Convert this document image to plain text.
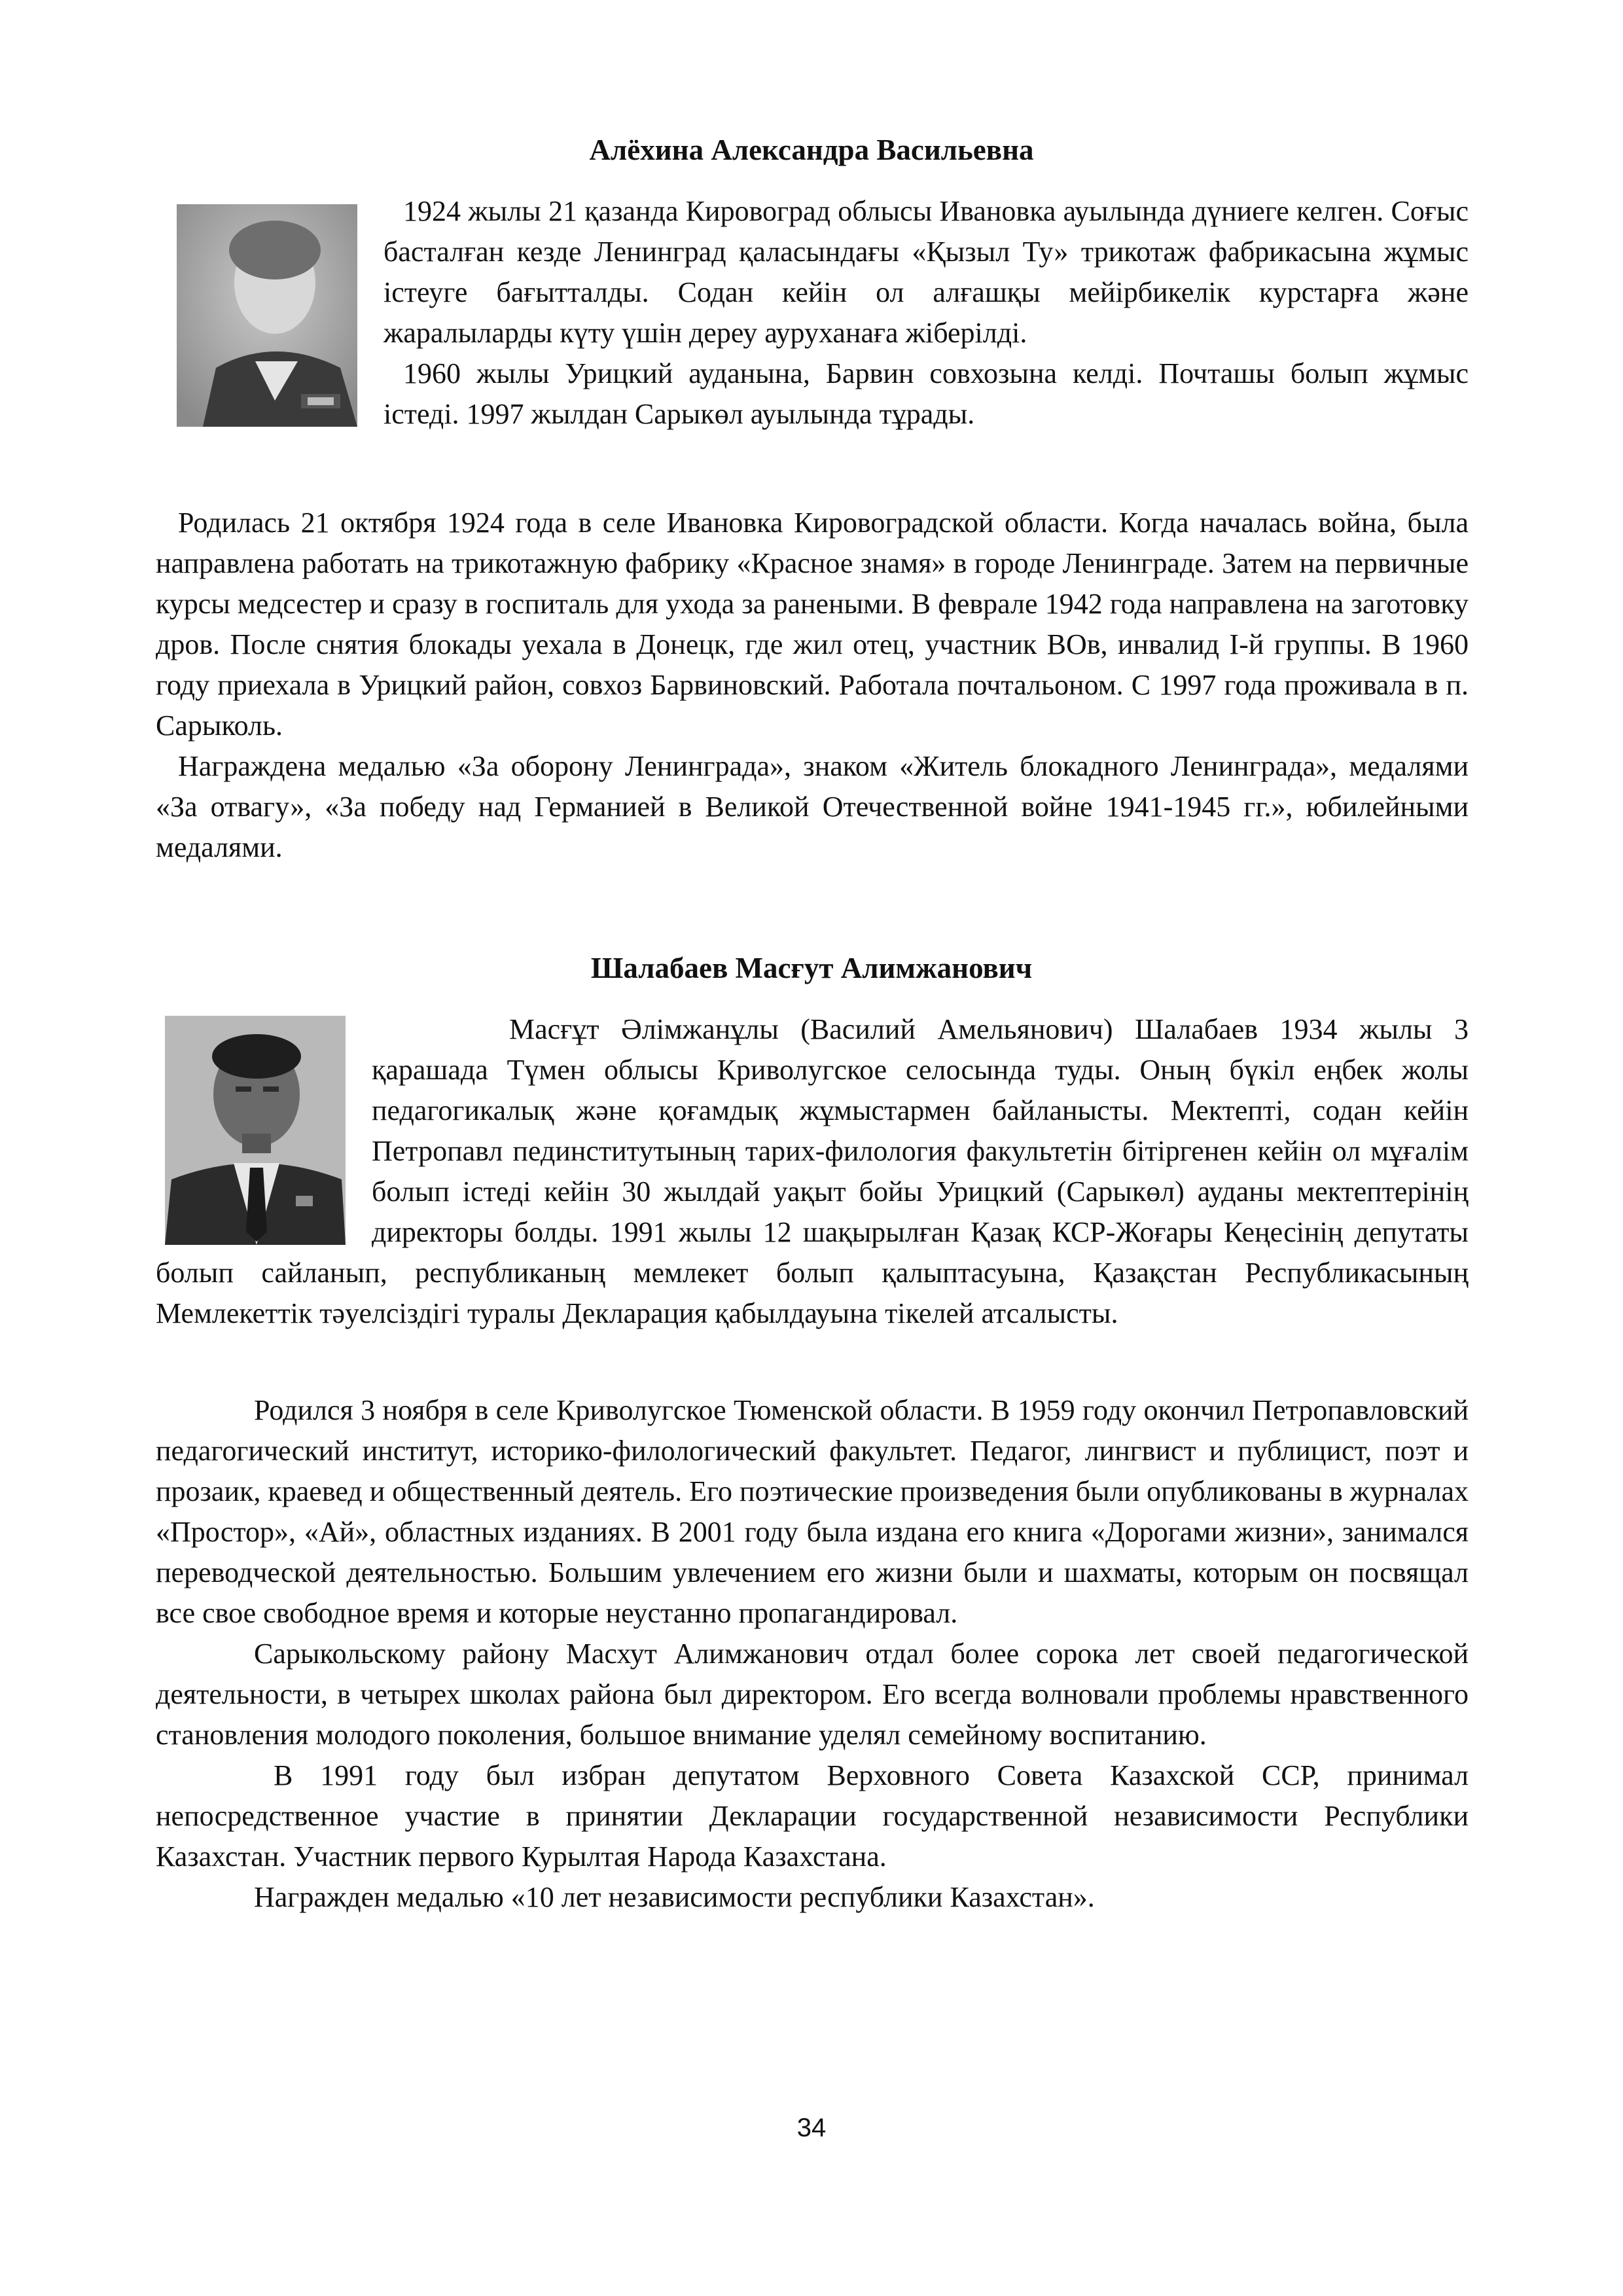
Алёхина Александра Васильевна

1924 жылы 21 қазанда Кировоград облысы Ивановка ауылында дүниеге келген. Соғыс басталған кезде Ленинград қаласындағы «Қызыл Ту» трикотаж фабрикасына жұмыс істеуге бағытталды. Содан кейін ол алғашқы мейірбикелік курстарға және жаралыларды күту үшін дереу ауруханаға жіберілді.

1960 жылы Урицкий ауданына, Барвин совхозына келді. Почташы болып жұмыс істеді. 1997 жылдан Сарыкөл ауылында тұрады.

Родилась 21 октября 1924 года в селе Ивановка Кировоградской области. Когда началась война, была направлена работать на трикотажную фабрику «Красное знамя» в городе Ленинграде. Затем на первичные курсы медсестер и сразу в госпиталь для ухода за ранеными. В феврале 1942 года направлена на заготовку дров. После снятия блокады уехала в Донецк, где жил отец, участник ВОв, инвалид I-й группы. В 1960 году приехала в Урицкий район, совхоз Барвиновский. Работала почтальоном. С 1997 года проживала в п. Сарыколь.

Награждена медалью «За оборону Ленинграда», знаком «Житель блокадного Ленинграда», медалями «За отвагу», «За победу над Германией в Великой Отечественной войне 1941-1945 гг.», юбилейными медалями.

Шалабаев Масғут Алимжанович

Масғұт Әлімжанұлы (Василий Амельянович) Шалабаев 1934 жылы 3 қарашада Түмен облысы Криволугское селосында туды. Оның бүкіл еңбек жолы педагогикалық және қоғамдық жұмыстармен байланысты. Мектепті, содан кейін Петропавл пединститутының тарих-филология факультетін бітіргенен кейін ол мұғалім болып істеді кейін 30 жылдай уақыт бойы Урицкий (Сарыкөл) ауданы мектептерінің директоры болды. 1991 жылы 12 шақырылған Қазақ КСР-Жоғары Кеңесінің депутаты болып сайланып, республиканың мемлекет болып қалыптасуына, Қазақстан Республикасының Мемлекеттік тәуелсіздігі туралы Декларация қабылдауына тікелей атсалысты.

Родился 3 ноября в селе Криволугское Тюменской области. В 1959 году окончил Петропавловский педагогический институт, историко-филологический факультет. Педагог, лингвист и публицист, поэт и прозаик, краевед и общественный деятель. Его поэтические произведения были опубликованы в журналах «Простор», «Ай», областных изданиях. В 2001 году была издана его книга «Дорогами жизни», занимался переводческой деятельностью. Большим увлечением его жизни были и шахматы, которым он посвящал все свое свободное время и которые неустанно пропагандировал.

Сарыкольскому району Масхут Алимжанович отдал более сорока лет своей педагогической деятельности, в четырех школах района был директором. Его всегда волновали проблемы нравственного становления молодого поколения, большое внимание уделял семейному воспитанию.

В 1991 году был избран депутатом Верховного Совета Казахской ССР, принимал непосредственное участие в принятии Декларации государственной независимости Республики Казахстан. Участник первого Курылтая Народа Казахстана.

Награжден медалью «10 лет независимости республики Казахстан».

34
